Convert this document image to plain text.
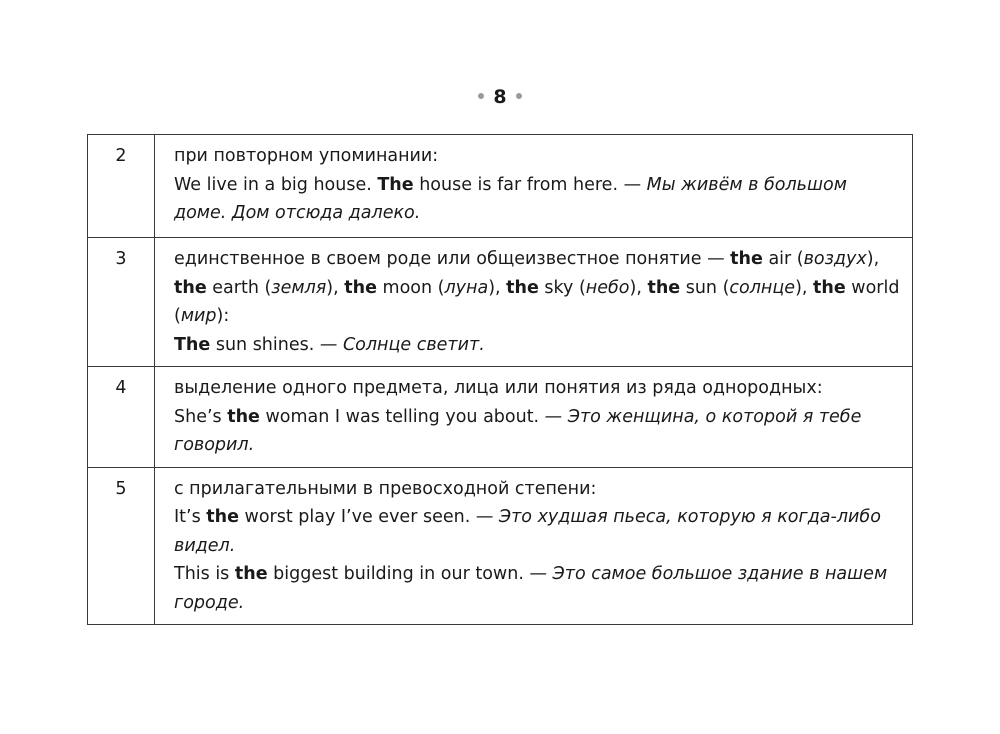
8
2	при повторном упоминании:
We live in a big house. The house is far from here. — Мы живём в большом доме. Дом отсюда далеко.
3	единственное в своем роде или общеизвестное понятие — the air (воздух), the earth (земля), the moon (луна), the sky (небо), the sun (солнце), the world (мир):
The sun shines. — Солнце светит.

4	выделение одного предмета, лица или понятия из ряда однородных:
She’s the woman I was telling you about. — Это женщина, о которой я тебе говорил.
5	с прилагательными в превосходной степени:
It’s the worst play I’ve ever seen. — Это худшая пьеса, которую я когда-либо видел.
This is the biggest building in our town. — Это самое большое здание в нашем городе.
